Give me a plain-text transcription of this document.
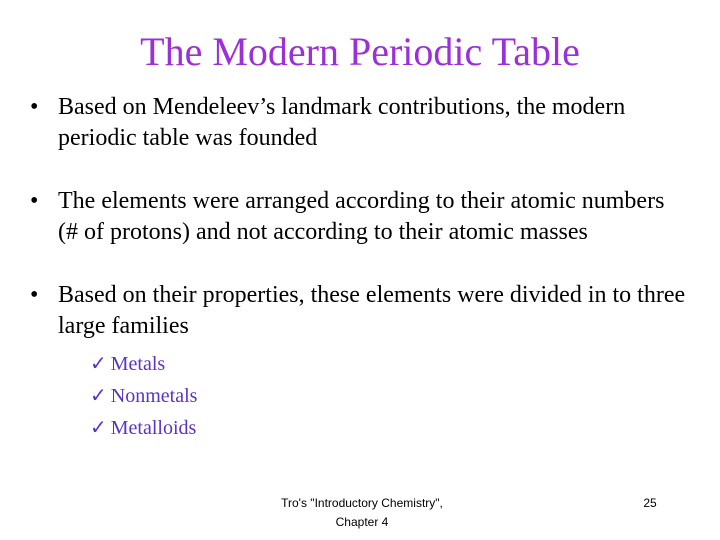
The Modern Periodic Table
• Based on Mendeleev’s landmark contributions, the modern periodic table was founded
• The elements were arranged according to their atomic numbers (# of protons) and not according to their atomic masses
• Based on their properties, these elements were divided in to three large families
✓ Metals
✓ Nonmetals
✓ Metalloids
Tro's "Introductory Chemistry", Chapter 4
25
